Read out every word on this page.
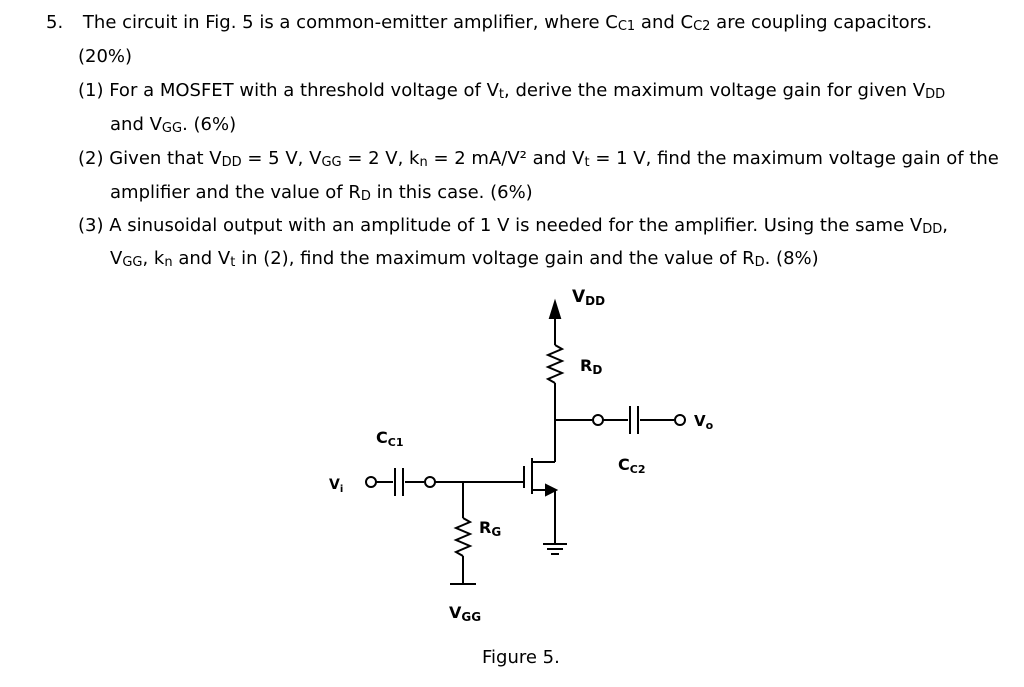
5. The circuit in Fig. 5 is a common-emitter amplifier, where CC1 and CC2 are coupling capacitors.
(20%)
(1) For a MOSFET with a threshold voltage of Vt, derive the maximum voltage gain for given VDD
and VGG. (6%)
(2) Given that VDD = 5 V, VGG = 2 V, kn = 2 mA/V² and Vt = 1 V, find the maximum voltage gain of the
amplifier and the value of RD in this case. (6%)
(3) A sinusoidal output with an amplitude of 1 V is needed for the amplifier. Using the same VDD,
VGG, kn and Vt in (2), find the maximum voltage gain and the value of RD. (8%)
VDD
RD
$V_o$
CC2
CC1
$V_i$
RG
VGG
Figure 5.
